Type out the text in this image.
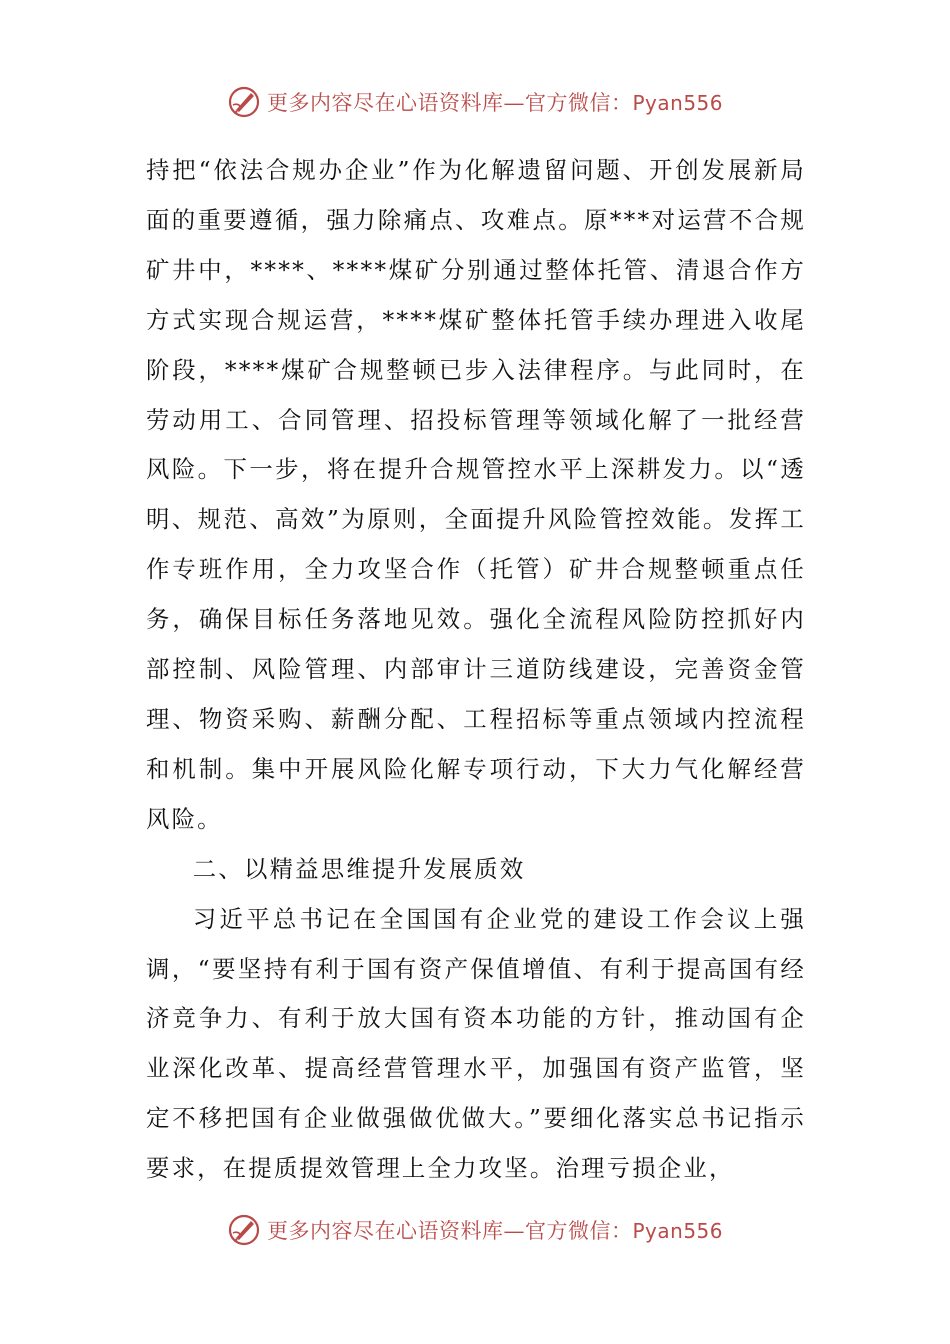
更多内容尽在心语资料库—官方微信：Pyan556

持把“依法合规办企业”作为化解遗留问题、开创发展新局面的重要遵循，强力除痛点、攻难点。原***对运营不合规矿井中，****、****煤矿分别通过整体托管、清退合作方方式实现合规运营，****煤矿整体托管手续办理进入收尾阶段，****煤矿合规整顿已步入法律程序。与此同时，在劳动用工、合同管理、招投标管理等领域化解了一批经营风险。下一步，将在提升合规管控水平上深耕发力。以“透明、规范、高效”为原则，全面提升风险管控效能。发挥工作专班作用，全力攻坚合作（托管）矿井合规整顿重点任务，确保目标任务落地见效。强化全流程风险防控抓好内部控制、风险管理、内部审计三道防线建设，完善资金管理、物资采购、薪酬分配、工程招标等重点领域内控流程和机制。集中开展风险化解专项行动，下大力气化解经营风险。

二、以精益思维提升发展质效

习近平总书记在全国国有企业党的建设工作会议上强调，“要坚持有利于国有资产保值增值、有利于提高国有经济竞争力、有利于放大国有资本功能的方针，推动国有企业深化改革、提高经营管理水平，加强国有资产监管，坚定不移把国有企业做强做优做大。”要细化落实总书记指示要求，在提质提效管理上全力攻坚。治理亏损企业，

更多内容尽在心语资料库—官方微信：Pyan556
